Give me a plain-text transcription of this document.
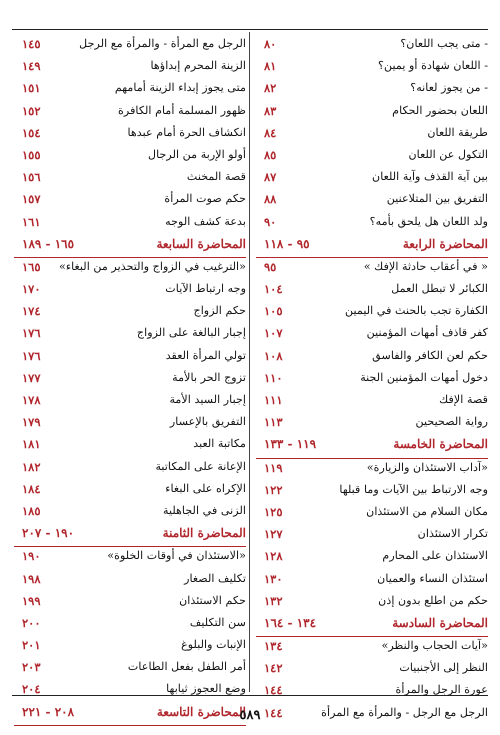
- متى يجب اللعان؟
٨٠
- اللعان شهادة أو يمين؟
٨١
- من يجوز لعانه؟
٨٢
اللعان بحضور الحكام
٨٣
طريقة اللعان
٨٤
التكول عن اللعان
٨٥
بين آية القذف وآية اللعان
٨٧
التفريق بين المتلاعنين
٨٨
ولد اللعان هل يلحق بأمه؟
٩٠
المحاضرة الرابعة
٩٥ - ١١٨
« في أعقاب حادثة الإفك »
٩٥
الكبائر لا تبطل العمل
١٠٤
الكفارة تجب بالحنث في اليمين
١٠٥
كفر قاذف أمهات المؤمنين
١٠٧
حكم لعن الكافر والفاسق
١٠٨
دخول أمهات المؤمنين الجنة
١١٠
قصة الإفك
١١١
رواية الصحيحين
١١٣
المحاضرة الخامسة
١١٩ - ١٣٣
«آداب الاستئذان والزيارة»
١١٩
وجه الارتباط بين الآيات وما قبلها
١٢٢
مكان السلام من الاستئذان
١٢٥
تكرار الاستئذان
١٢٧
الاستئذان على المحارم
١٢٨
استئذان النساء والعميان
١٣٠
حكم من اطلع بدون إذن
١٣٢
المحاضرة السادسة
١٣٤ - ١٦٤
«آيات الحجاب والنظر»
١٣٤
النظر إلى الأجنبيات
١٤٢
عورة الرجل والمرأة
١٤٤
الرجل مع الرجل - والمرأة مع المرأة
١٤٤
الرجل مع المرأة - والمرأة مع الرجل
١٤٥
الزينة المحرم إبداؤها
١٤٩
متى يجوز إبداء الزينة أمامهم
١٥١
ظهور المسلمة أمام الكافرة
١٥٢
انكشاف الحرة أمام عبدها
١٥٤
أولو الإربة من الرجال
١٥٥
قصة المخنث
١٥٦
حكم صوت المرأة
١٥٧
بدعة كشف الوجه
١٦١
المحاضرة السابعة
١٦٥ - ١٨٩
«الترغيب في الزواج والتحذير من البغاء»
١٦٥
وجه ارتباط الآيات
١٧٠
حكم الزواج
١٧٤
إجبار البالغة على الزواج
١٧٦
تولي المرأة العقد
١٧٦
تزوج الحر بالأمة
١٧٧
إجبار السيد الأمة
١٧٨
التفريق بالإعسار
١٧٩
مكاتبة العبد
١٨١
الإعانة على المكاتبة
١٨٢
الإكراه على البغاء
١٨٤
الزنى في الجاهلية
١٨٥
المحاضرة الثامنة
١٩٠ - ٢٠٧
«الاستئذان في أوقات الخلوة»
١٩٠
تكليف الصغار
١٩٨
حكم الاستئذان
١٩٩
سن التكليف
٢٠٠
الإنبات والبلوغ
٢٠١
أمر الطفل بفعل الطاعات
٢٠٣
وضع العجوز ثيابها
٢٠٤
المحاضرة التاسعة
٢٠٨ - ٢٢١	٥٨٩
